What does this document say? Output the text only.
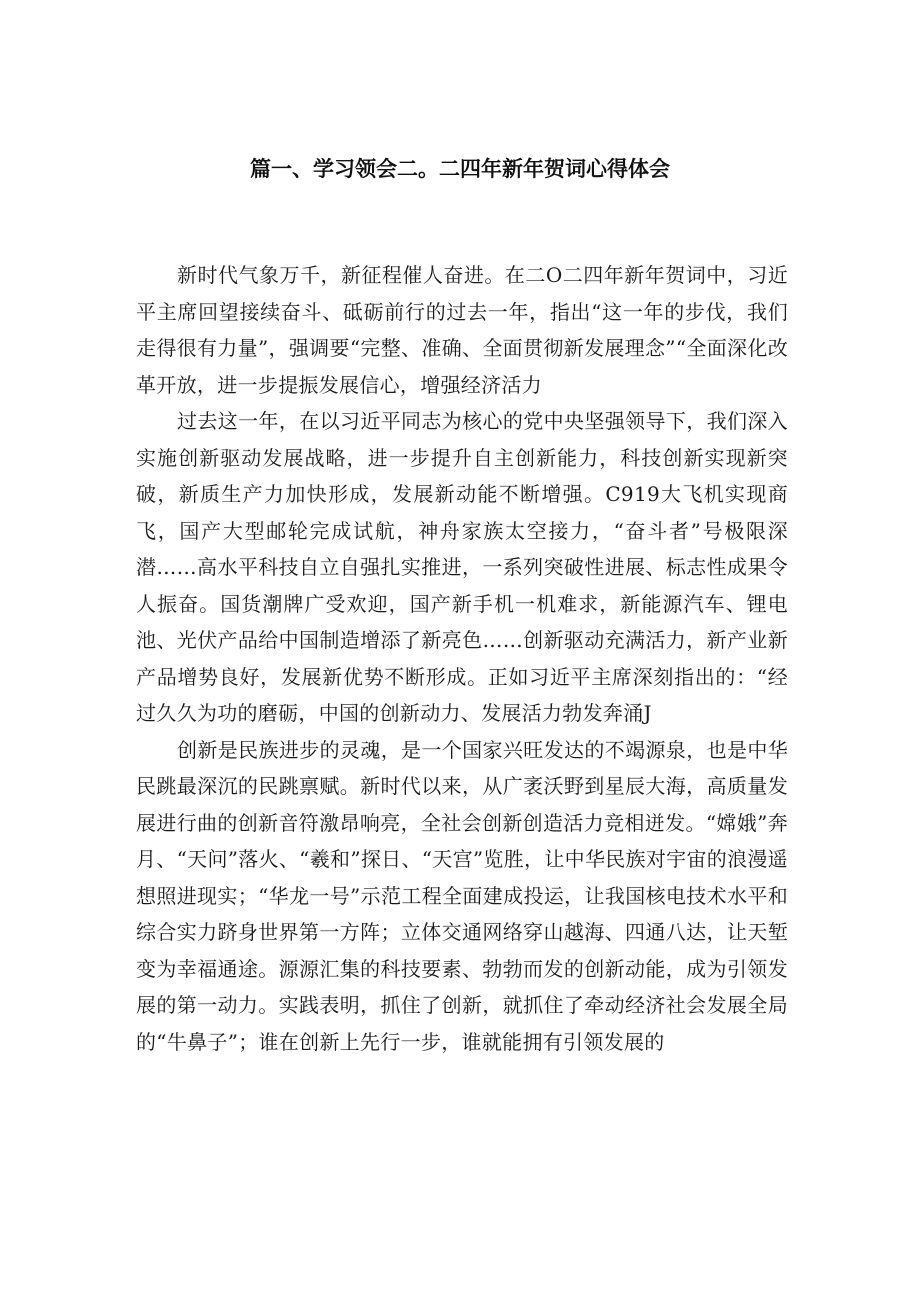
篇一、学习领会二。二四年新年贺词心得体会

新时代气象万千，新征程催人奋进。在二O二四年新年贺词中，习近平主席回望接续奋斗、砥砺前行的过去一年，指出“这一年的步伐，我们走得很有力量”，强调要“完整、准确、全面贯彻新发展理念”“全面深化改革开放，进一步提振发展信心，增强经济活力

过去这一年，在以习近平同志为核心的党中央坚强领导下，我们深入实施创新驱动发展战略，进一步提升自主创新能力，科技创新实现新突破，新质生产力加快形成，发展新动能不断增强。C919大飞机实现商飞，国产大型邮轮完成试航，神舟家族太空接力，“奋斗者”号极限深潜……高水平科技自立自强扎实推进，一系列突破性进展、标志性成果令人振奋。国货潮牌广受欢迎，国产新手机一机难求，新能源汽车、锂电池、光伏产品给中国制造增添了新亮色……创新驱动充满活力，新产业新产品增势良好，发展新优势不断形成。正如习近平主席深刻指出的：“经过久久为功的磨砺，中国的创新动力、发展活力勃发奔涌J

创新是民族进步的灵魂，是一个国家兴旺发达的不竭源泉，也是中华民跳最深沉的民跳禀赋。新时代以来，从广袤沃野到星辰大海，高质量发展进行曲的创新音符激昂响亮，全社会创新创造活力竞相迸发。“嫦娥”奔月、“天问”落火、“羲和”探日、“天宫”览胜，让中华民族对宇宙的浪漫遥想照进现实；“华龙一号”示范工程全面建成投运，让我国核电技术水平和综合实力跻身世界第一方阵；立体交通网络穿山越海、四通八达，让天堑变为幸福通途。源源汇集的科技要素、勃勃而发的创新动能，成为引领发展的第一动力。实践表明，抓住了创新，就抓住了牵动经济社会发展全局的“牛鼻子”；谁在创新上先行一步，谁就能拥有引领发展的
